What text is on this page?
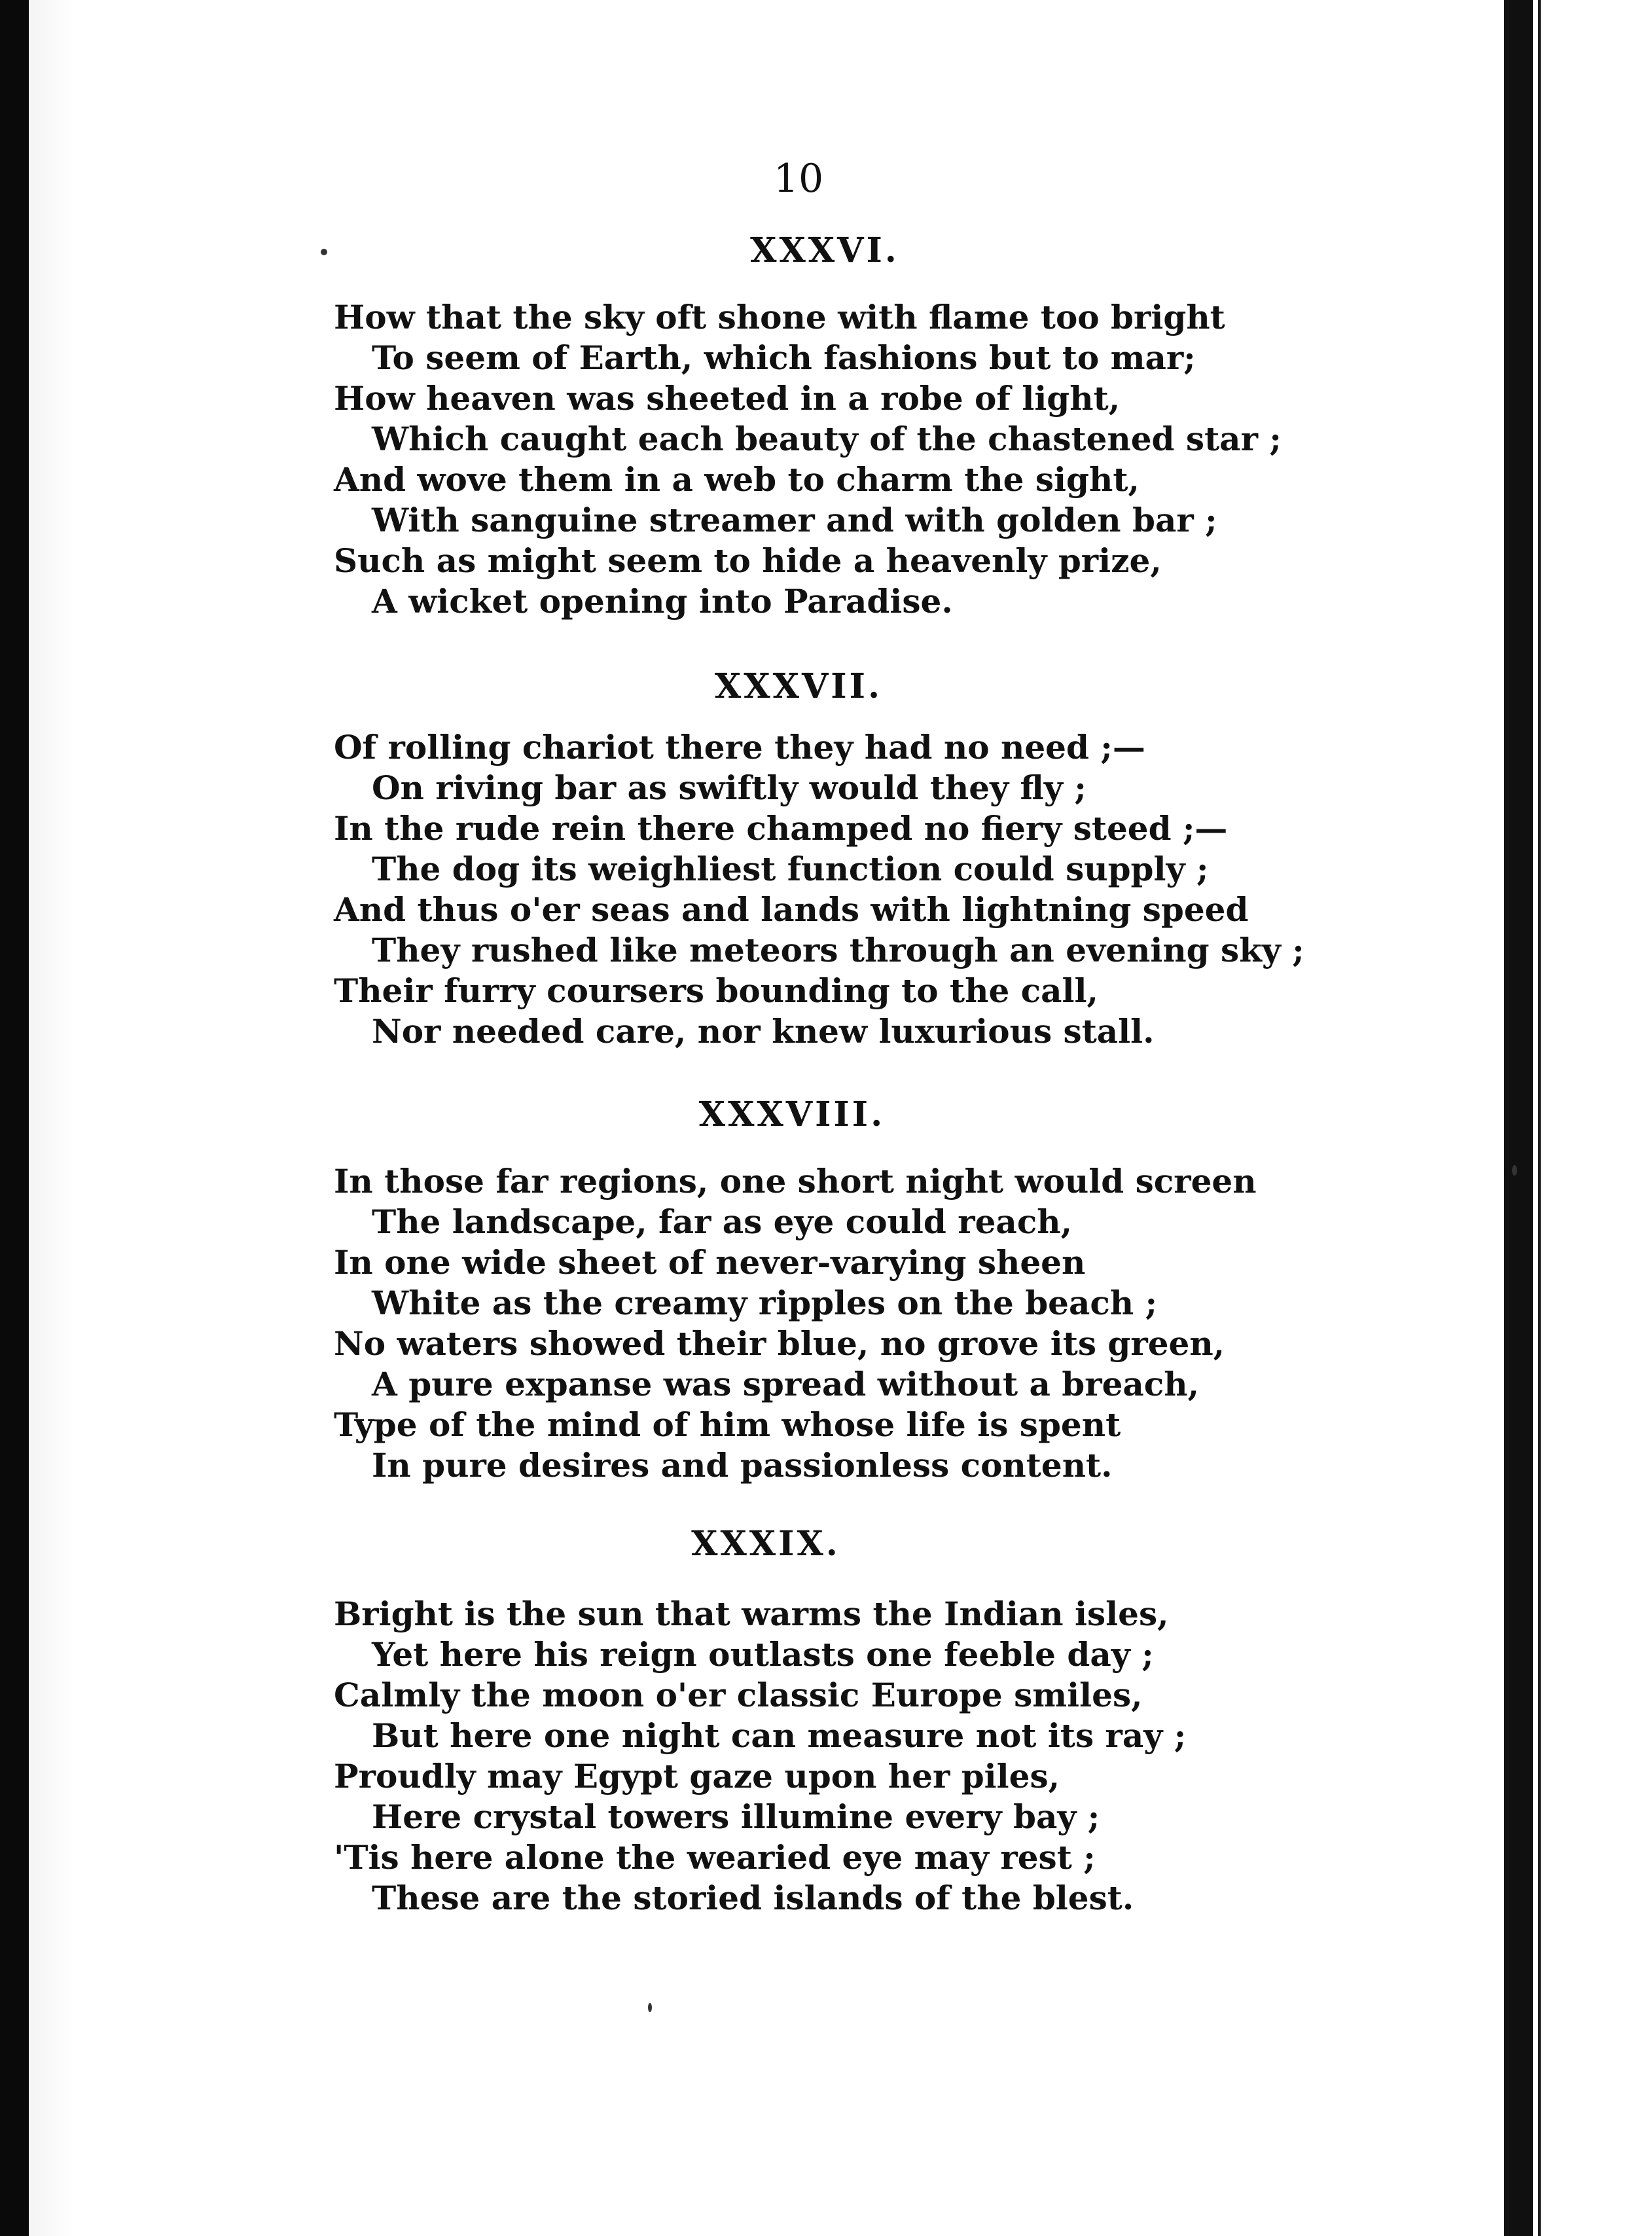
10
XXXVI.
How that the sky oft shone with flame too bright
To seem of Earth, which fashions but to mar;
How heaven was sheeted in a robe of light,
Which caught each beauty of the chastened star ;
And wove them in a web to charm the sight,
With sanguine streamer and with golden bar ;
Such as might seem to hide a heavenly prize,
A wicket opening into Paradise.
XXXVII.
Of rolling chariot there they had no need ;—
On riving bar as swiftly would they fly ;
In the rude rein there champed no fiery steed ;—
The dog its weighliest function could supply ;
And thus o'er seas and lands with lightning speed
They rushed like meteors through an evening sky ;
Their furry coursers bounding to the call,
Nor needed care, nor knew luxurious stall.
XXXVIII.
In those far regions, one short night would screen
The landscape, far as eye could reach,
In one wide sheet of never-varying sheen
White as the creamy ripples on the beach ;
No waters showed their blue, no grove its green,
A pure expanse was spread without a breach,
Type of the mind of him whose life is spent
In pure desires and passionless content.
XXXIX.
Bright is the sun that warms the Indian isles,
Yet here his reign outlasts one feeble day ;
Calmly the moon o'er classic Europe smiles,
But here one night can measure not its ray ;
Proudly may Egypt gaze upon her piles,
Here crystal towers illumine every bay ;
'Tis here alone the wearied eye may rest ;
These are the storied islands of the blest.
